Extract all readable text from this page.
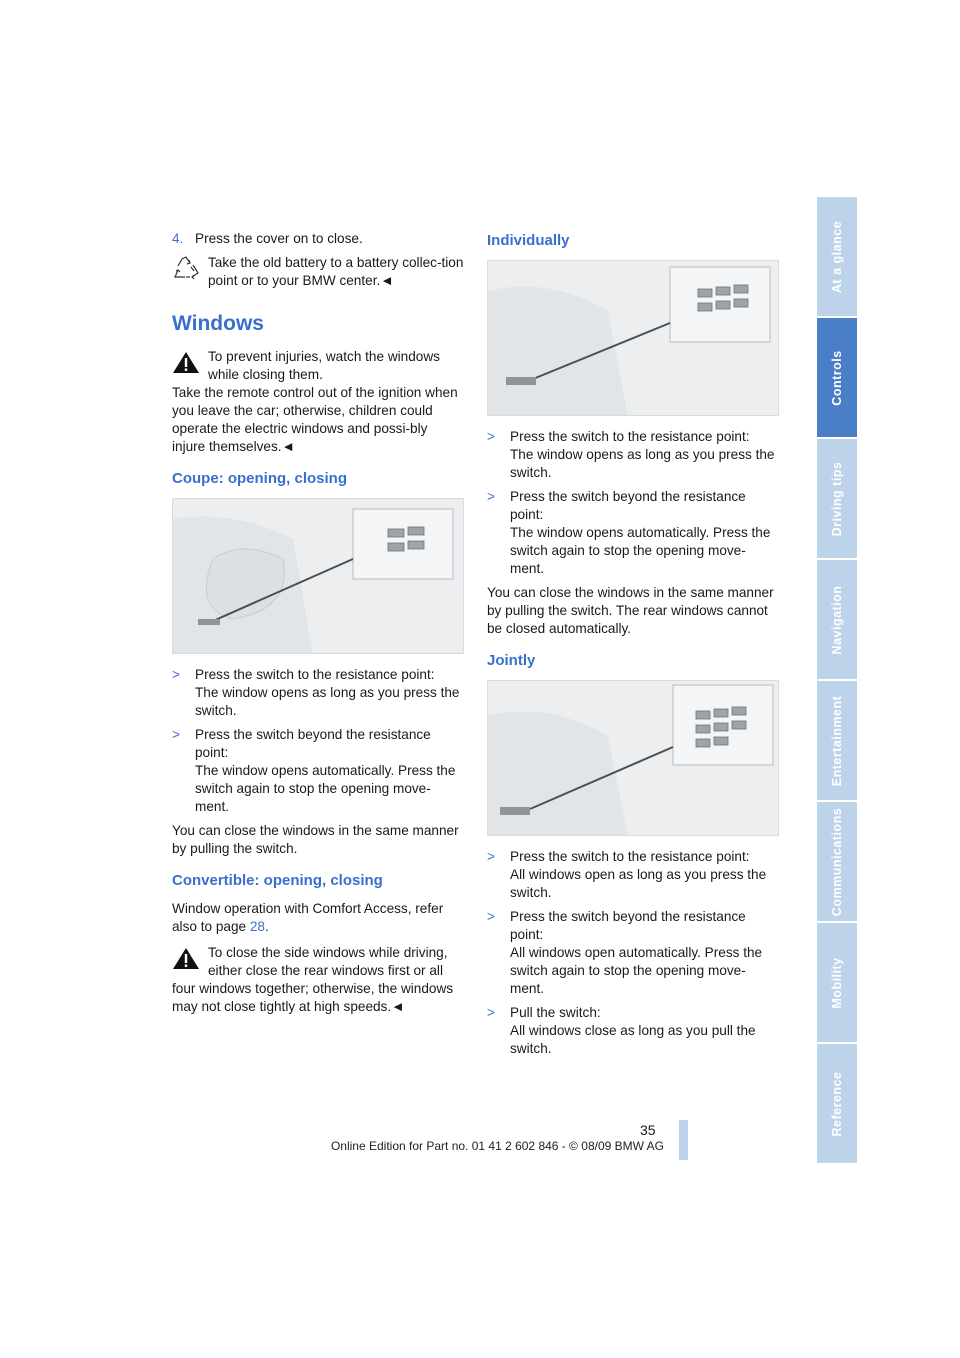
4. Press the cover on to close.
Take the old battery to a battery collec-tion point or to your BMW center.◄
Windows
To prevent injuries, watch the windows while closing them.
Take the remote control out of the ignition when you leave the car; otherwise, children could operate the electric windows and possi-bly injure themselves.◄
Coupe: opening, closing
>	Press the switch to the resistance point:
The window opens as long as you press the switch.
>	Press the switch beyond the resistance point:
The window opens automatically. Press the switch again to stop the opening move-ment.

You can close the windows in the same manner by pulling the switch.

Convertible: opening, closing

Window operation with Comfort Access, refer also to page 28.

To close the side windows while driving, either close the rear windows first or all
four windows together; otherwise, the windows may not close tightly at high speeds.◄
Individually
>	Press the switch to the resistance point:
The window opens as long as you press the switch.
>	Press the switch beyond the resistance point:
The window opens automatically. Press the switch again to stop the opening move-ment.

You can close the windows in the same manner by pulling the switch. The rear windows cannot be closed automatically.

Jointly
>	Press the switch to the resistance point:
All windows open as long as you press the switch.
>	Press the switch beyond the resistance point:
All windows open automatically. Press the switch again to stop the opening move-ment.
>	Pull the switch:
All windows close as long as you pull the switch.
At a glance
Controls
Driving tips
Navigation
Entertainment
Communications
Mobility
Reference
35
Online Edition for Part no. 01 41 2 602 846 - © 08/09 BMW AG
